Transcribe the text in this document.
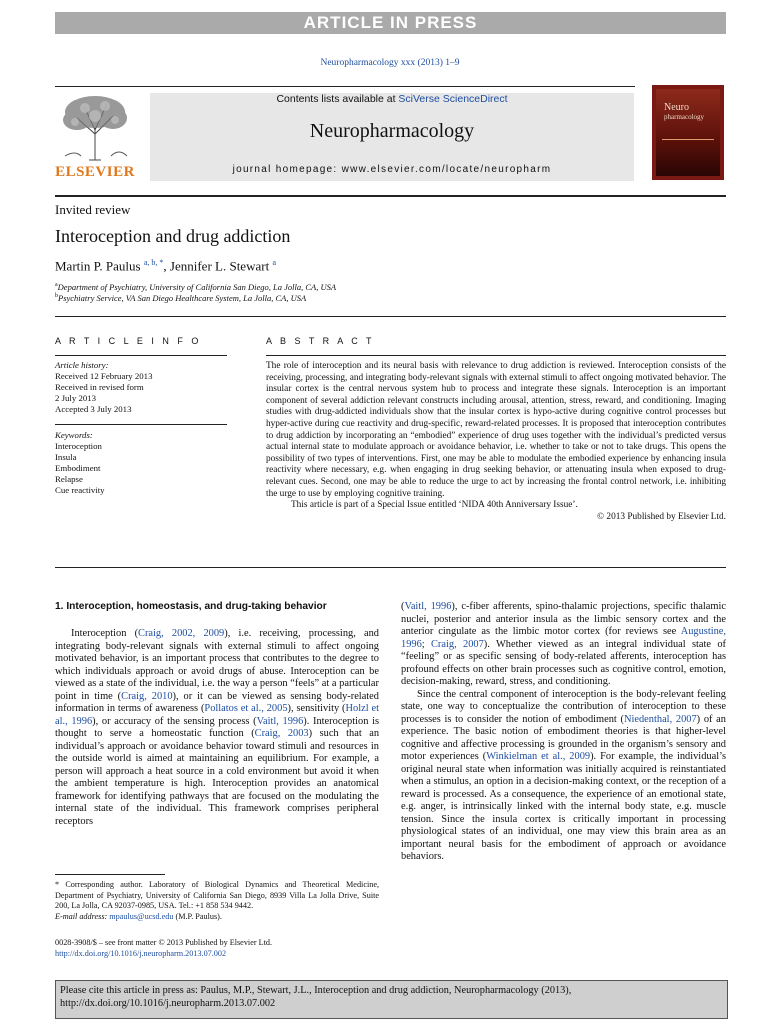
ARTICLE IN PRESS
Neuropharmacology xxx (2013) 1–9
Contents lists available at SciVerse ScienceDirect
Neuropharmacology
journal homepage: www.elsevier.com/locate/neuropharm
ELSEVIER
Neuro
pharmacology
Invited review
Interoception and drug addiction
Martin P. Paulus $^{a, b, *}$, Jennifer L. Stewart $^a$
$^a$Department of Psychiatry, University of California San Diego, La Jolla, CA, USA
$^b$Psychiatry Service, VA San Diego Healthcare System, La Jolla, CA, USA
A R T I C L E I N F O
Article history:
Received 12 February 2013
Received in revised form
2 July 2013
Accepted 3 July 2013
Keywords:
Interoception
Insula
Embodiment
Relapse
Cue reactivity
A B S T R A C T

The role of interoception and its neural basis with relevance to drug addiction is reviewed. Interoception consists of the receiving, processing, and integrating body-relevant signals with external stimuli to affect ongoing motivated behavior. The insular cortex is the central nervous system hub to process and integrate these signals. Interoception is an important component of several addiction relevant constructs including arousal, attention, stress, reward, and conditioning. Imaging studies with drug-addicted individuals show that the insular cortex is hypo-active during cognitive control processes but hyper-active during cue reactivity and drug-specific, reward-related processes. It is proposed that interoception contributes to drug addiction by incorporating an “embodied” experience of drug uses together with the individual’s predicted versus actual internal state to modulate approach or avoidance behavior, i.e. whether to take or not to take drugs. This opens the possibility of two types of interventions. First, one may be able to modulate the embodied experience by enhancing insula reactivity where necessary, e.g. when engaging in drug seeking behavior, or attenuating insula when exposed to drug-relevant cues. Second, one may be able to reduce the urge to act by increasing the frontal control network, i.e. inhibiting the urge to use by employing cognitive training.

This article is part of a Special Issue entitled ‘NIDA 40th Anniversary Issue’.

© 2013 Published by Elsevier Ltd.

1. Interoception, homeostasis, and drug-taking behavior

Interoception (Craig, 2002, 2009), i.e. receiving, processing, and integrating body-relevant signals with external stimuli to affect ongoing motivated behavior, is an important process that contributes to the degree to which individuals approach or avoid drugs of abuse. Interoception can be viewed as a state of the individual, i.e. the way a person “feels” at a particular point in time (Craig, 2010), or it can be viewed as sensing body-related information in terms of awareness (Pollatos et al., 2005), sensitivity (Holzl et al., 1996), or accuracy of the sensing process (Vaitl, 1996). Interoception is thought to serve a homeostatic function (Craig, 2003) such that an individual’s approach or avoidance behavior toward stimuli and resources in the outside world is aimed at maintaining an equilibrium. For example, a person will approach a heat source in a cold environment but avoid it when the ambient temperature is high. Interoception provides an anatomical framework for identifying pathways that are focused on the modulating the internal state of the individual. This framework comprises peripheral receptors

(Vaitl, 1996), c-fiber afferents, spino-thalamic projections, specific thalamic nuclei, posterior and anterior insula as the limbic sensory cortex and the anterior cingulate as the limbic motor cortex (for reviews see Augustine, 1996; Craig, 2007). Whether viewed as an integral individual state of “feeling” or as specific sensing of body-related afferents, interoception has profound effects on other brain processes such as cognitive control, emotion, decision-making, reward, stress, and conditioning.

Since the central component of interoception is the body-relevant feeling state, one way to conceptualize the contribution of interoception to these processes is to consider the notion of embodiment (Niedenthal, 2007) of an experience. The basic notion of embodiment theories is that higher-level cognitive and affective processing is grounded in the organism’s sensory and motor experiences (Winkielman et al., 2009). For example, the individual’s original neural state when information was initially acquired is reinstantiated when a stimulus, an option in a decision-making context, or the reception of a reward is processed. As a consequence, the experience of an emotional state, e.g. anger, is intrinsically linked with the internal body state, e.g. muscle tension. Since the insula cortex is critically important in processing physiological states of an individual, one may view this brain area as an important neural basis for the embodiment of approach or avoidance behaviors.

* Corresponding author. Laboratory of Biological Dynamics and Theoretical Medicine, Department of Psychiatry, University of California San Diego, 8939 Villa La Jolla Drive, Suite 200, La Jolla, CA 92037-0985, USA. Tel.: +1 858 534 9442.

E-mail address: mpaulus@ucsd.edu (M.P. Paulus).

0028-3908/$ – see front matter © 2013 Published by Elsevier Ltd.
http://dx.doi.org/10.1016/j.neuropharm.2013.07.002
Please cite this article in press as: Paulus, M.P., Stewart, J.L., Interoception and drug addiction, Neuropharmacology (2013), http://dx.doi.org/10.1016/j.neuropharm.2013.07.002
